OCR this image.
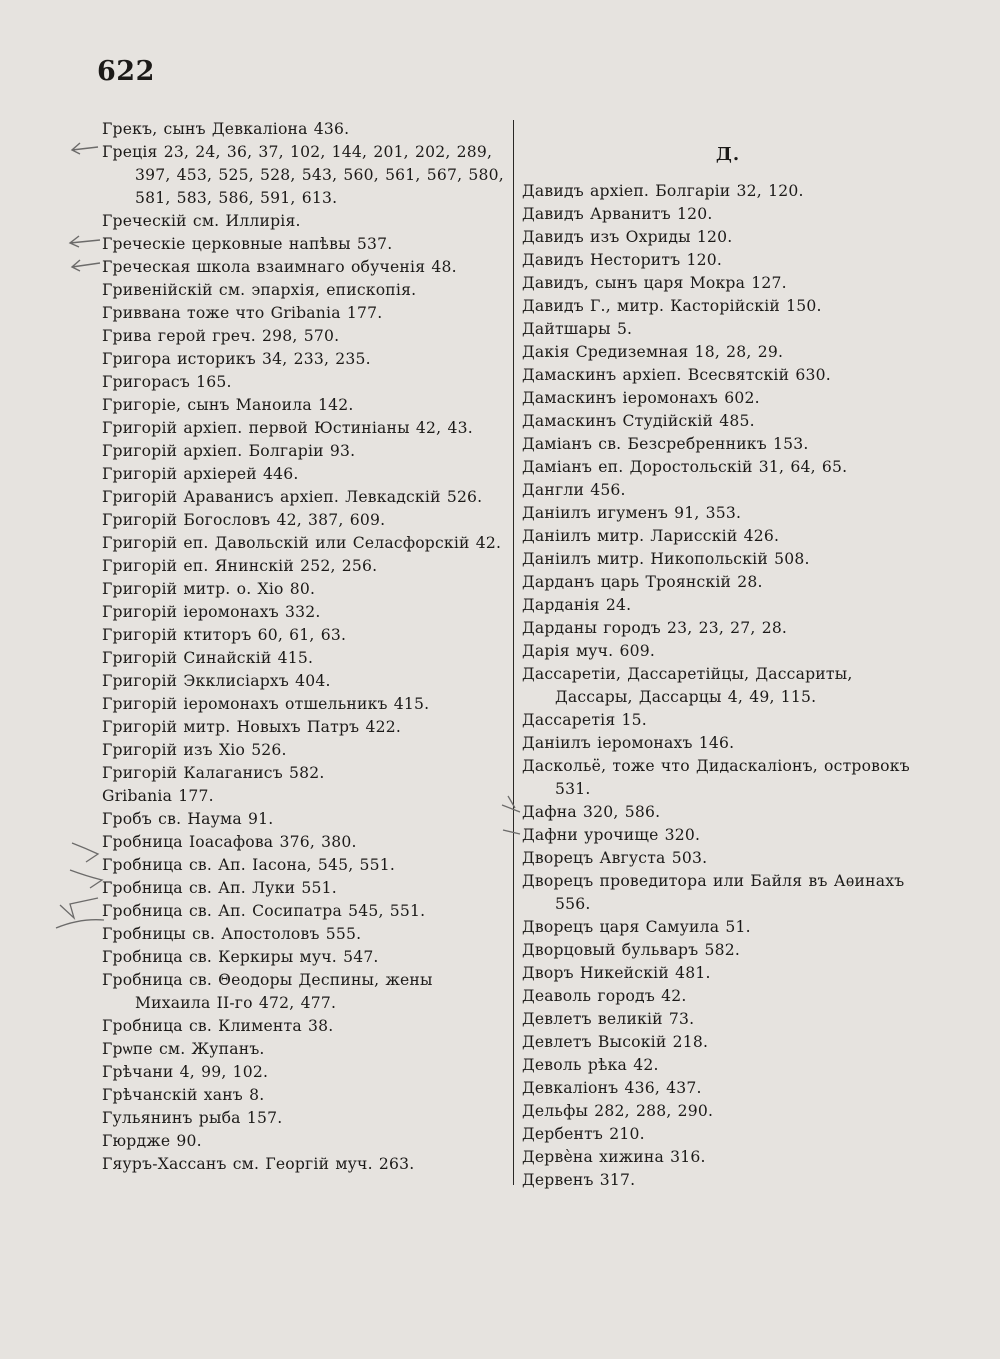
622

Грекъ, сынъ Девкаліона 436.

Греція 23, 24, 36, 37, 102, 144, 201, 202, 289, 397, 453, 525, 528, 543, 560, 561, 567, 580, 581, 583, 586, 591, 613.

Греческій см. Иллирія.

Греческіе церковные напѣвы 537.

Греческая школа взаимнаго обученія 48.

Гривенійскій см. эпархія, епископія.

Гриввана тоже что Gribania 177.

Грива герой греч. 298, 570.

Григора историкъ 34, 233, 235.

Григорасъ 165.

Григоріе, сынъ Маноила 142.

Григорій архіеп. первой Юстиніаны 42, 43.

Григорій архіеп. Болгаріи 93.

Григорій архіерей 446.

Григорій Араванисъ архіеп. Левкадскій 526.

Григорій Богословъ 42, 387, 609.

Григорій еп. Давольскій или Селасфорскій 42.

Григорій еп. Янинскій 252, 256.

Григорій митр. о. Хіо 80.

Григорій іеромонахъ 332.

Григорій ктиторъ 60, 61, 63.

Григорій Синайскій 415.

Григорій Экклисіархъ 404.

Григорій іеромонахъ отшельникъ 415.

Григорій митр. Новыхъ Патръ 422.

Григорій изъ Хіо 526.

Григорій Калаганисъ 582.

Gribania 177.

Гробъ св. Наума 91.

Гробница Іоасафова 376, 380.

Гробница св. Ап. Іасона, 545, 551.

Гробница св. Ап. Луки 551.

Гробница св. Ап. Сосипатра 545, 551.

Гробницы св. Апостоловъ 555.

Гробница св. Керкиры муч. 547.

Гробница св. Θеодоры Деспины, жены Михаила II-го 472, 477.

Гробница св. Климента 38.

Грѡпе см. Жупанъ.

Грѣчани 4, 99, 102.

Грѣчанскій ханъ 8.

Гульянинъ рыба 157.

Гюрдже 90.

Гяуръ-Хассанъ см. Георгій муч. 263.

Д.

Давидъ архіеп. Болгаріи 32, 120.

Давидъ Арванитъ 120.

Давидъ изъ Охриды 120.

Давидъ Несторитъ 120.

Давидъ, сынъ царя Мокра 127.

Давидъ Г., митр. Касторійскій 150.

Дайтшары 5.

Дакія Средиземная 18, 28, 29.

Дамаскинъ архіеп. Всесвятскій 630.

Дамаскинъ іеромонахъ 602.

Дамаскинъ Студійскій 485.

Даміанъ св. Безсребренникъ 153.

Даміанъ еп. Доростольскій 31, 64, 65.

Дангли 456.

Даніилъ игуменъ 91, 353.

Даніилъ митр. Ларисскій 426.

Даніилъ митр. Никопольскій 508.

Дарданъ царь Троянскій 28.

Дарданія 24.

Дарданы городъ 23, 23, 27, 28.

Дарія муч. 609.

Дассаретіи, Дассаретійцы, Дассариты, Дассары, Дассарцы 4, 49, 115.

Дассаретія 15.

Даніилъ іеромонахъ 146.

Даскольё, тоже что Дидаскаліонъ, островокъ 531.

Дафна 320, 586.

Дафни урочище 320.

Дворецъ Августа 503.

Дворецъ проведитора или Байля въ Аѳинахъ 556.

Дворецъ царя Самуила 51.

Дворцовый бульваръ 582.

Дворъ Никейскій 481.

Деаволь городъ 42.

Девлетъ великій 73.

Девлетъ Высокій 218.

Деволь рѣка 42.

Девкаліонъ 436, 437.

Дельфы 282, 288, 290.

Дербентъ 210.

Дервѐна хижина 316.

Дервенъ 317.
